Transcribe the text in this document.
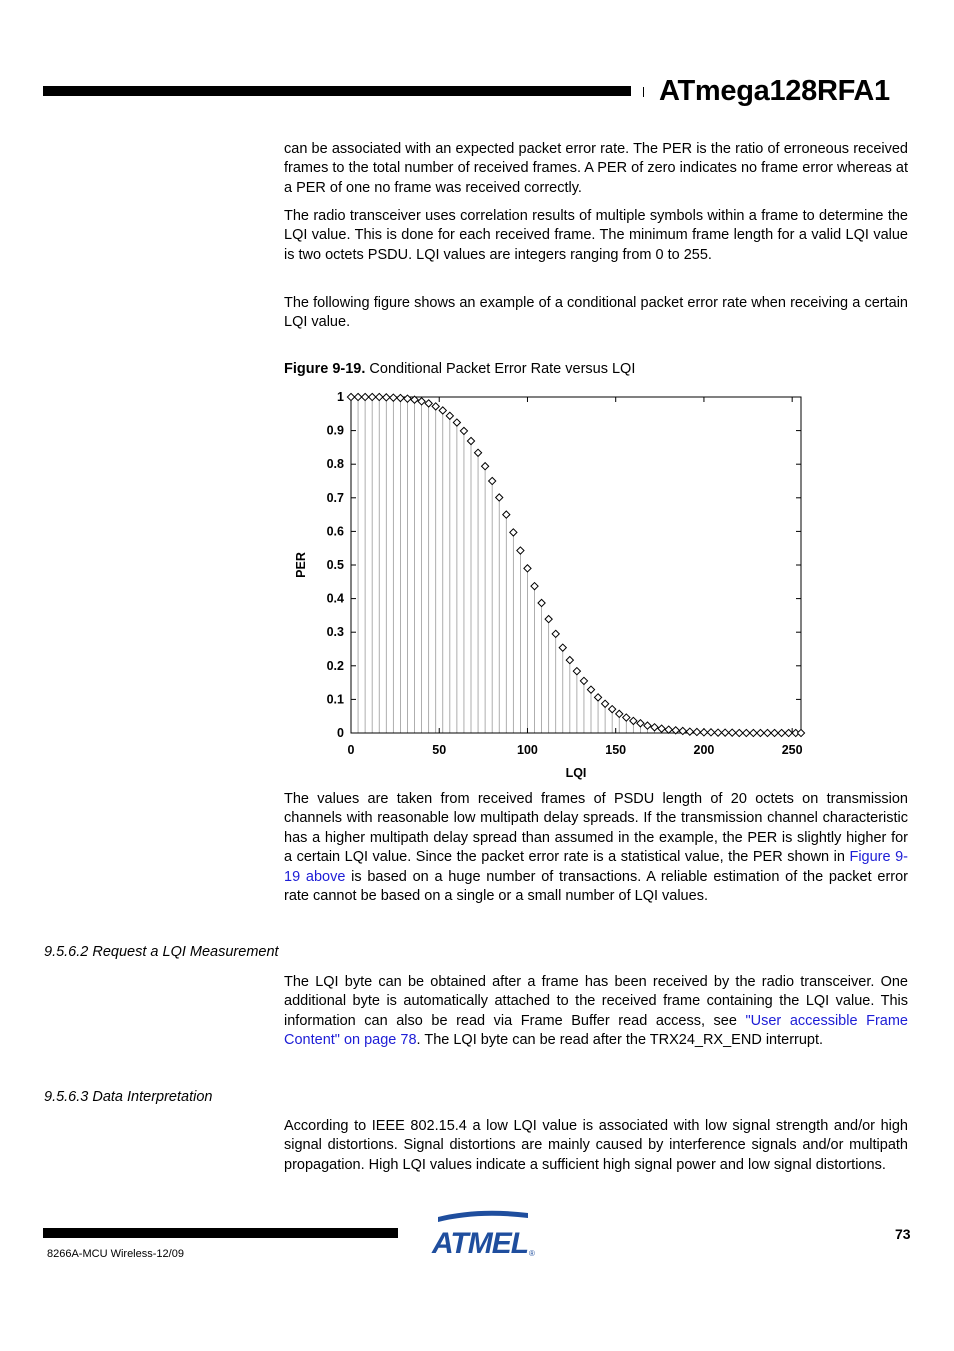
ATmega128RFA1
can be associated with an expected packet error rate. The PER is the ratio of erroneous received frames to the total number of received frames. A PER of zero indicates no frame error whereas at a PER of one no frame was received correctly.
The radio transceiver uses correlation results of multiple symbols within a frame to determine the LQI value. This is done for each received frame. The minimum frame length for a valid LQI value is two octets PSDU. LQI values are integers ranging from 0 to 255.
The following figure shows an example of a conditional packet error rate when receiving a certain LQI value.
Figure 9-19. Conditional Packet Error Rate versus LQI
0
0.1
0.2
0.3
0.4
0.5
0.6
0.7
0.8
0.9
1
0	50	100	150	200	250
LQI
PER
The values are taken from received frames of PSDU length of 20 octets on transmission channels with reasonable low multipath delay spreads. If the transmission channel characteristic has a higher multipath delay spread than assumed in the example, the PER is slightly higher for a certain LQI value. Since the packet error rate is a statistical value, the PER shown in Figure 9-19 above is based on a huge number of transactions. A reliable estimation of the packet error rate cannot be based on a single or a small number of LQI values.
9.5.6.2 Request a LQI Measurement
The LQI byte can be obtained after a frame has been received by the radio transceiver. One additional byte is automatically attached to the received frame containing the LQI value. This information can also be read via Frame Buffer read access, see "User accessible Frame Content" on page 78. The LQI byte can be read after the TRX24_RX_END interrupt.
9.5.6.3 Data Interpretation
According to IEEE 802.15.4 a low LQI value is associated with low signal strength and/or high signal distortions. Signal distortions are mainly caused by interference signals and/or multipath propagation. High LQI values indicate a sufficient high signal power and low signal distortions.
8266A-MCU Wireless-12/09	ATMEL ®
73
